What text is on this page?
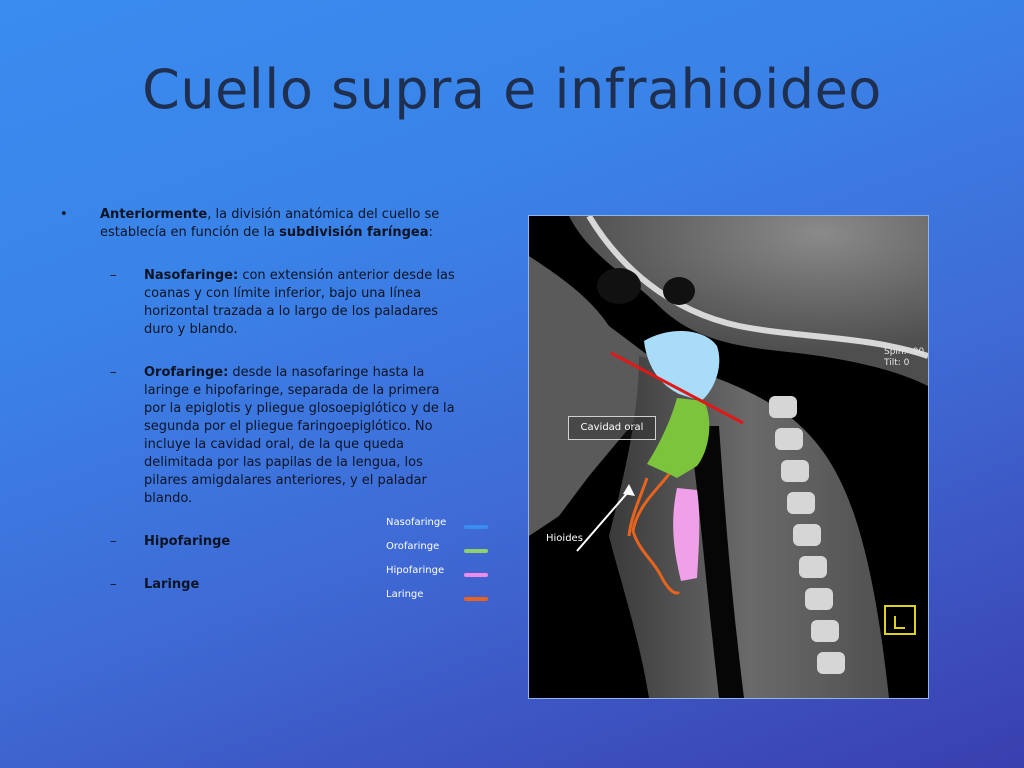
Cuello supra e infrahioideo
• Anteriormente, la división anatómica del cuello se establecía en función de la subdivisión faríngea:
– Nasofaringe: con extensión anterior desde las coanas y con límite inferior, bajo una línea horizontal trazada a lo largo de los paladares duro y blando.
– Orofaringe: desde la nasofaringe hasta la laringe e hipofaringe, separada de la primera por la epiglotis y pliegue glosoepiglótico y de la segunda por el pliegue faringoepiglótico. No incluye la cavidad oral, de la que queda delimitada por las papilas de la lengua, los pilares amigdalares anteriores, y el paladar blando.
– Hipofaringe
– Laringe
Nasofaringe
Orofaringe
Hipofaringe
Laringe
Cavidad oral
Hioides
Spin: -90
Tilt: 0
